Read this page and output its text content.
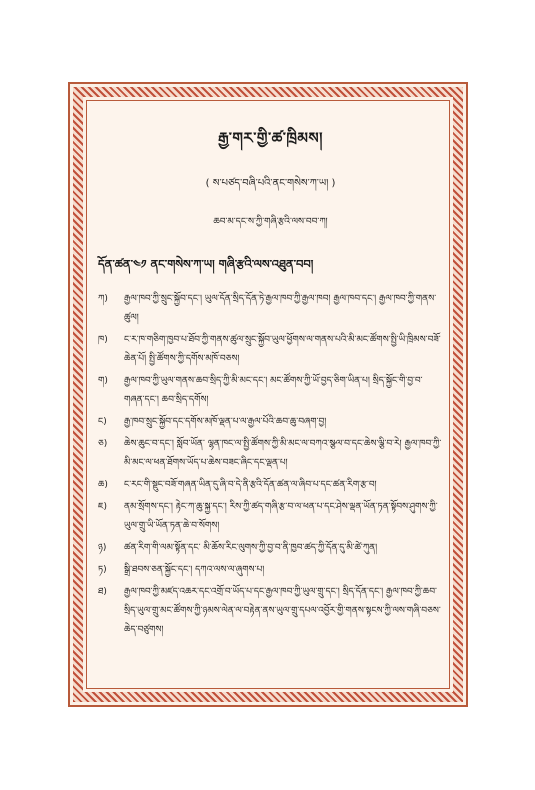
རྒྱ་གར་གྱི་ཚ་ཁྲིམས།
( ས་པཙད་བཞི་པའི་ནང་གསེས་ཀ་ཡ། )
ཆབ་མ་དང་ས་ཀྱི་གཞི་རྩའི་ལས་བབ་ཀ།
དོན་ཚན་༤༡ ནང་གསེས་ཀ་ཡ། གཞི་རྩའི་ལས་འཐུན་བབ།
ཀ)	རྒྱལ་ཁབ་ཀྱི་སྲུང་སྐྱོབ་དང་། ཡུལ་དོན་སྲིད་དོན་ཏེ་རྒྱལ་ཁབ་ཀྱི་རྒྱལ་ཁབ། རྒྱལ་ཁབ་དང་། རྒྱལ་ཁབ་ཀྱི་གནས་ཚུལ།
ཁ)	ང་ར་ཁ་གཅིག་ཁྱབ་པ་ཐོབ་ཀྱི་གནས་ཚུལ་སྲུང་སྐྱོབ་ཡུལ་ཕྱོགས་ལ་གནས་པའི་མི་མང་ཚོགས་སྤྱི་ཡི་ཁྲིམས་བཟོ་ཆེན་པོ། སྤྱི་ཚོགས་ཀྱི་དགོས་མཁོ་བཅས།
ག)	རྒྱལ་ཁབ་ཀྱི་ཡུལ་གནས་ཆབ་སྲིད་ཀྱི་མི་མང་དང་། མང་ཚོགས་ཀྱི་ཡོ་བྱད་ཅིག་ཡིན་པ། སྲིད་སྐྱོང་གི་བྱ་བ་གཞན་དང་། ཆབ་སྲིད་དགོས།
ང)	རྒྱ་ཁབ་སྲུང་སྐྱོབ་དང་དགོས་མཁོ་ལྡན་པ་ལ་རྒྱལ་པོའི་ཆབ་ཆུ་བཞག་བྱ།
ཅ)	ཆེས་ཆུང་བ་དང་། སློབ་ཡོན་ ལྷན་ཁང་ལ་སྤྱི་ཚོགས་ཀྱི་མི་མང་ལ་བཀའ་སྩལ་བ་དང་ཆེས་ལྕི་བ་རེ། རྒྱལ་ཁབ་ཀྱི་མི་མང་ལ་ཕན་ཐོགས་ཡོད་པ་ཆེས་བཟང་ཞིང་དང་ལྡན་པ།
ཆ)	ང་རང་གི་སྡུང་བཟོ་གཞན་ཡིན་དུ་ཞི་བ་དེ་ནི་རྩའི་དོན་ཚན་ལ་ཞིབ་པ་དང་ཚན་རིག་རྩ་བ།
ཇ)	ནམ་སྲོགས་དང་། རྟེང་ཀ་ཆུ་སྐྱ་དང་། རིས་ཀྱི་ཚད་གཞི་རྩ་བ་ལ་ཕན་པ་དང་ཤེས་ལྡན་ཡོན་ཏན་སྟོབས་ཤུགས་ཀྱི་ཡུལ་གྲུ་ཡི་ཡོན་ཏན་ཆེ་བ་སོགས།
ཉ)	ཚན་རིག་གི་ལམ་སྟོན་དང་ མི་ཆོས་རིང་ལུགས་ཀྱི་བྱ་བ་ནི་ཁྱབ་ཚད་ཀྱི་དོན་དུ་མི་ཚེ་ཀུན།
ཏ)	སྒྲི་ཐབས་ཅན་སྐྱོང་དང་། དཀའ་ལས་ལ་ཞུགས་པ།
ཐ)	རྒྱལ་ཁབ་ཀྱི་མཛད་འཆར་དང་འགྲོ་བ་ཡོད་པ་དང་རྒྱལ་ཁབ་ཀྱི་ཡུལ་གྲུ་དང་། སྲིད་དོན་དང་། རྒྱལ་ཁབ་ཀྱི་ཆབ་སྲིད་ཡུལ་གྲུ་མང་ཚོགས་ཀྱི་ཉམས་ལེན་ལ་བརྟེན་ནས་ཡུལ་གྲུ་དཔལ་འབྱོར་གྱི་གནས་སྟངས་ཀྱི་ལས་གཞི་བཅས་ཆེད་བཙུགས།
